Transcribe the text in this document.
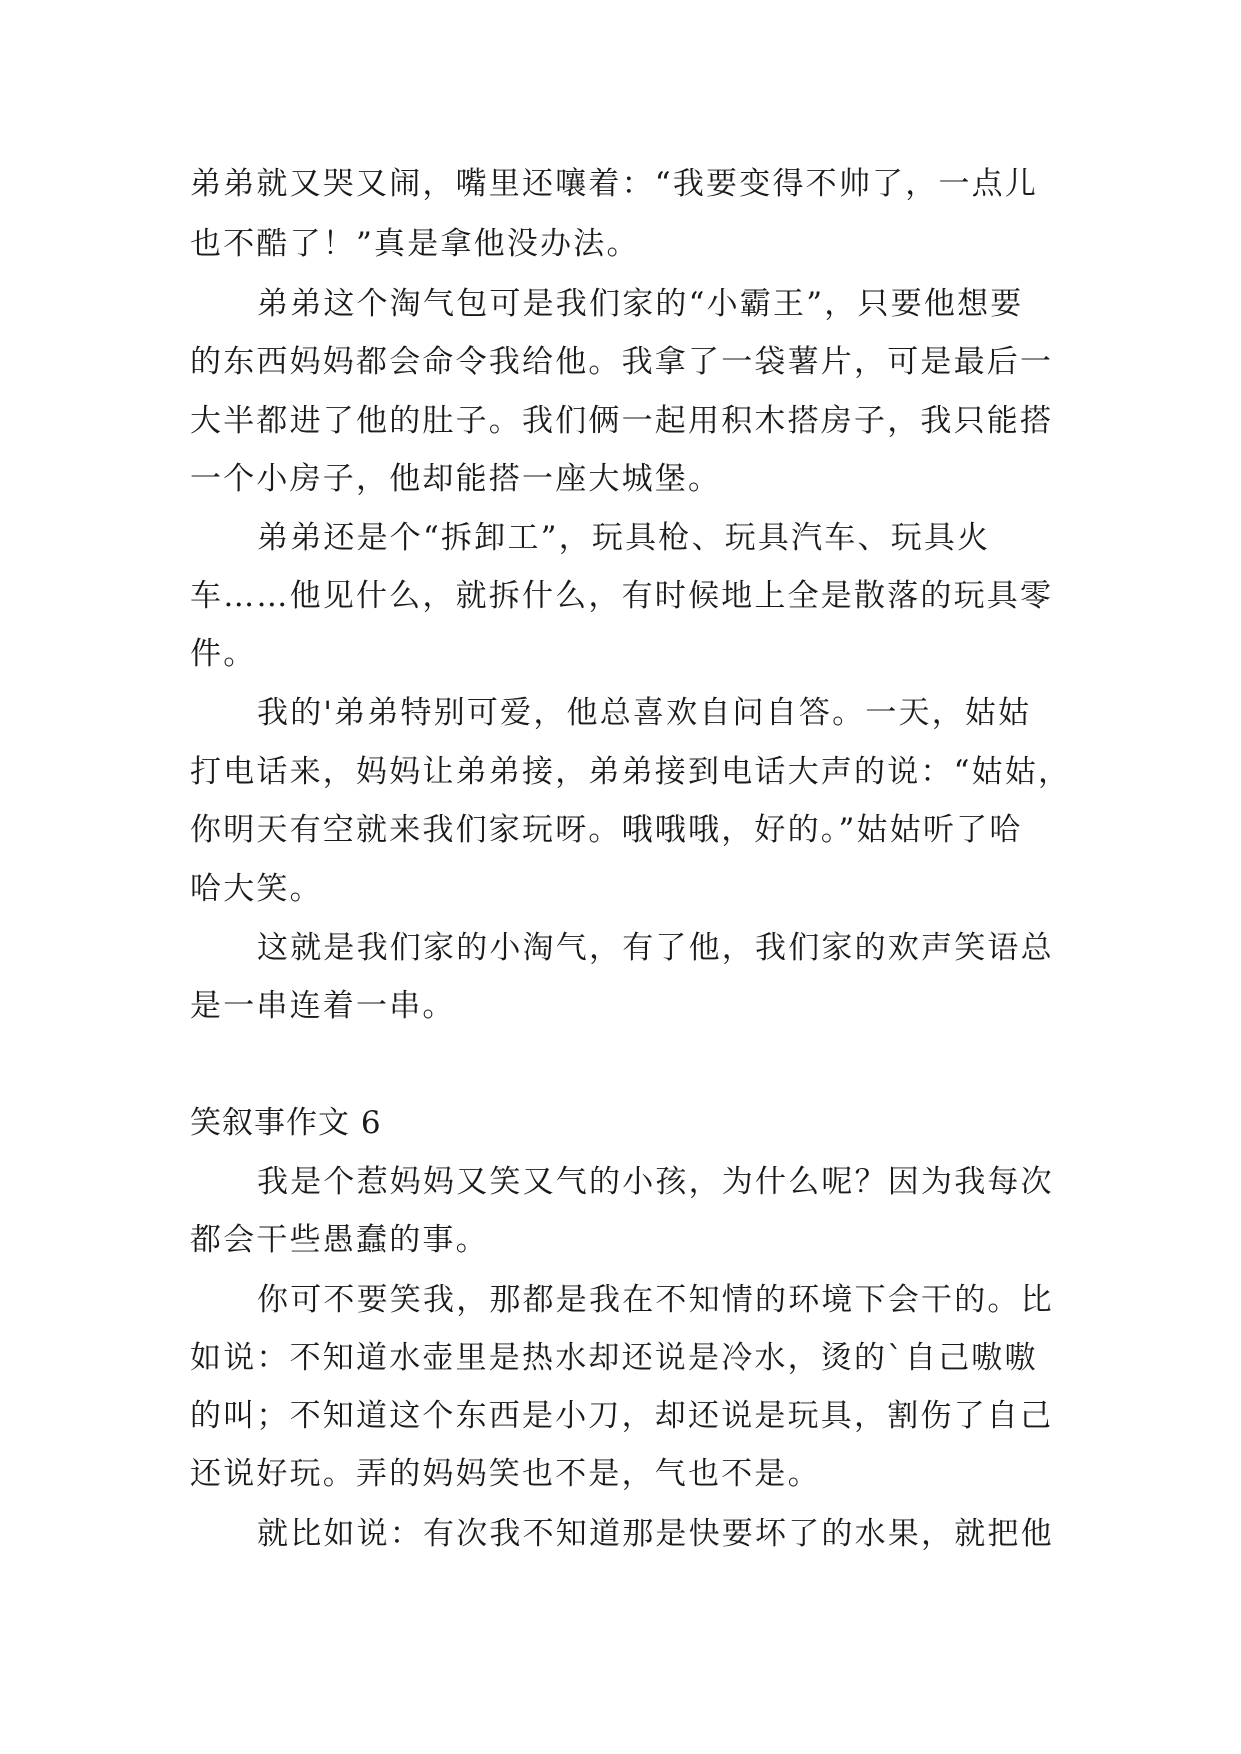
弟弟就又哭又闹，嘴里还嚷着：“我要变得不帅了，一点儿
也不酷了！”真是拿他没办法。
弟弟这个淘气包可是我们家的“小霸王”，只要他想要
的东西妈妈都会命令我给他。我拿了一袋薯片，可是最后一
大半都进了他的肚子。我们俩一起用积木搭房子，我只能搭
一个小房子，他却能搭一座大城堡。
弟弟还是个“拆卸工”，玩具枪、玩具汽车、玩具火
车……他见什么，就拆什么，有时候地上全是散落的玩具零
件。
我的'弟弟特别可爱，他总喜欢自问自答。一天，姑姑
打电话来，妈妈让弟弟接，弟弟接到电话大声的说：“姑姑，
你明天有空就来我们家玩呀。哦哦哦，好的。”姑姑听了哈
哈大笑。
这就是我们家的小淘气，有了他，我们家的欢声笑语总
是一串连着一串。
笑叙事作文 6
我是个惹妈妈又笑又气的小孩，为什么呢？因为我每次
都会干些愚蠢的事。
你可不要笑我，那都是我在不知情的环境下会干的。比
如说：不知道水壶里是热水却还说是冷水，烫的`自己嗷嗷
的叫；不知道这个东西是小刀，却还说是玩具，割伤了自己
还说好玩。弄的妈妈笑也不是，气也不是。
就比如说：有次我不知道那是快要坏了的水果，就把他
